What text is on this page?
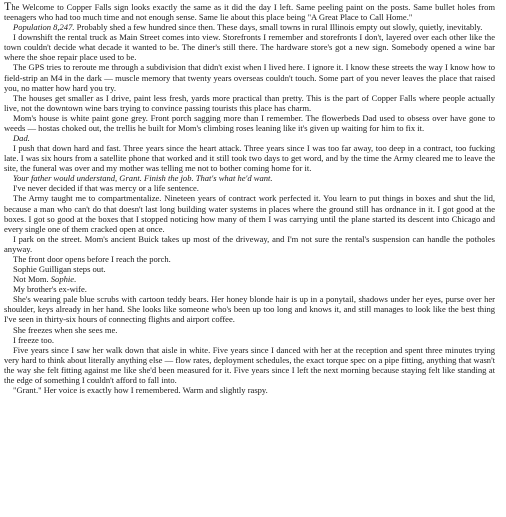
The Welcome to Copper Falls sign looks exactly the same as it did the day I left. Same peeling paint on the posts. Same bullet holes from teenagers who had too much time and not enough sense. Same lie about this place being "A Great Place to Call Home."

Population 8,247. Probably shed a few hundred since then. These days, small towns in rural Illinois empty out slowly, quietly, inevitably.

I downshift the rental truck as Main Street comes into view. Storefronts I remember and storefronts I don't, layered over each other like the town couldn't decide what decade it wanted to be. The diner's still there. The hardware store's got a new sign. Somebody opened a wine bar where the shoe repair place used to be.

The GPS tries to reroute me through a subdivision that didn't exist when I lived here. I ignore it. I know these streets the way I know how to field-strip an M4 in the dark — muscle memory that twenty years overseas couldn't touch. Some part of you never leaves the place that raised you, no matter how hard you try.

The houses get smaller as I drive, paint less fresh, yards more practical than pretty. This is the part of Copper Falls where people actually live, not the downtown wine bars trying to convince passing tourists this place has charm.

Mom's house is white paint gone grey. Front porch sagging more than I remember. The flowerbeds Dad used to obsess over have gone to weeds — hostas choked out, the trellis he built for Mom's climbing roses leaning like it's given up waiting for him to fix it.

Dad.

I push that down hard and fast. Three years since the heart attack. Three years since I was too far away, too deep in a contract, too fucking late. I was six hours from a satellite phone that worked and it still took two days to get word, and by the time the Army cleared me to leave the site, the funeral was over and my mother was telling me not to bother coming home for it.

Your father would understand, Grant. Finish the job. That's what he'd want.

I've never decided if that was mercy or a life sentence.

The Army taught me to compartmentalize. Nineteen years of contract work perfected it. You learn to put things in boxes and shut the lid, because a man who can't do that doesn't last long building water systems in places where the ground still has ordnance in it. I got good at the boxes. I got so good at the boxes that I stopped noticing how many of them I was carrying until the plane started its descent into Chicago and every single one of them cracked open at once.

I park on the street. Mom's ancient Buick takes up most of the driveway, and I'm not sure the rental's suspension can handle the potholes anyway.

The front door opens before I reach the porch.

Sophie Guilligan steps out.

Not Mom. Sophie.

My brother's ex-wife.

She's wearing pale blue scrubs with cartoon teddy bears. Her honey blonde hair is up in a ponytail, shadows under her eyes, purse over her shoulder, keys already in her hand. She looks like someone who's been up too long and knows it, and still manages to look like the best thing I've seen in thirty-six hours of connecting flights and airport coffee.

She freezes when she sees me.

I freeze too.

Five years since I saw her walk down that aisle in white. Five years since I danced with her at the reception and spent three minutes trying very hard to think about literally anything else — flow rates, deployment schedules, the exact torque spec on a pipe fitting, anything that wasn't the way she felt fitting against me like she'd been measured for it. Five years since I left the next morning because staying felt like standing at the edge of something I couldn't afford to fall into.

"Grant." Her voice is exactly how I remembered. Warm and slightly raspy.
